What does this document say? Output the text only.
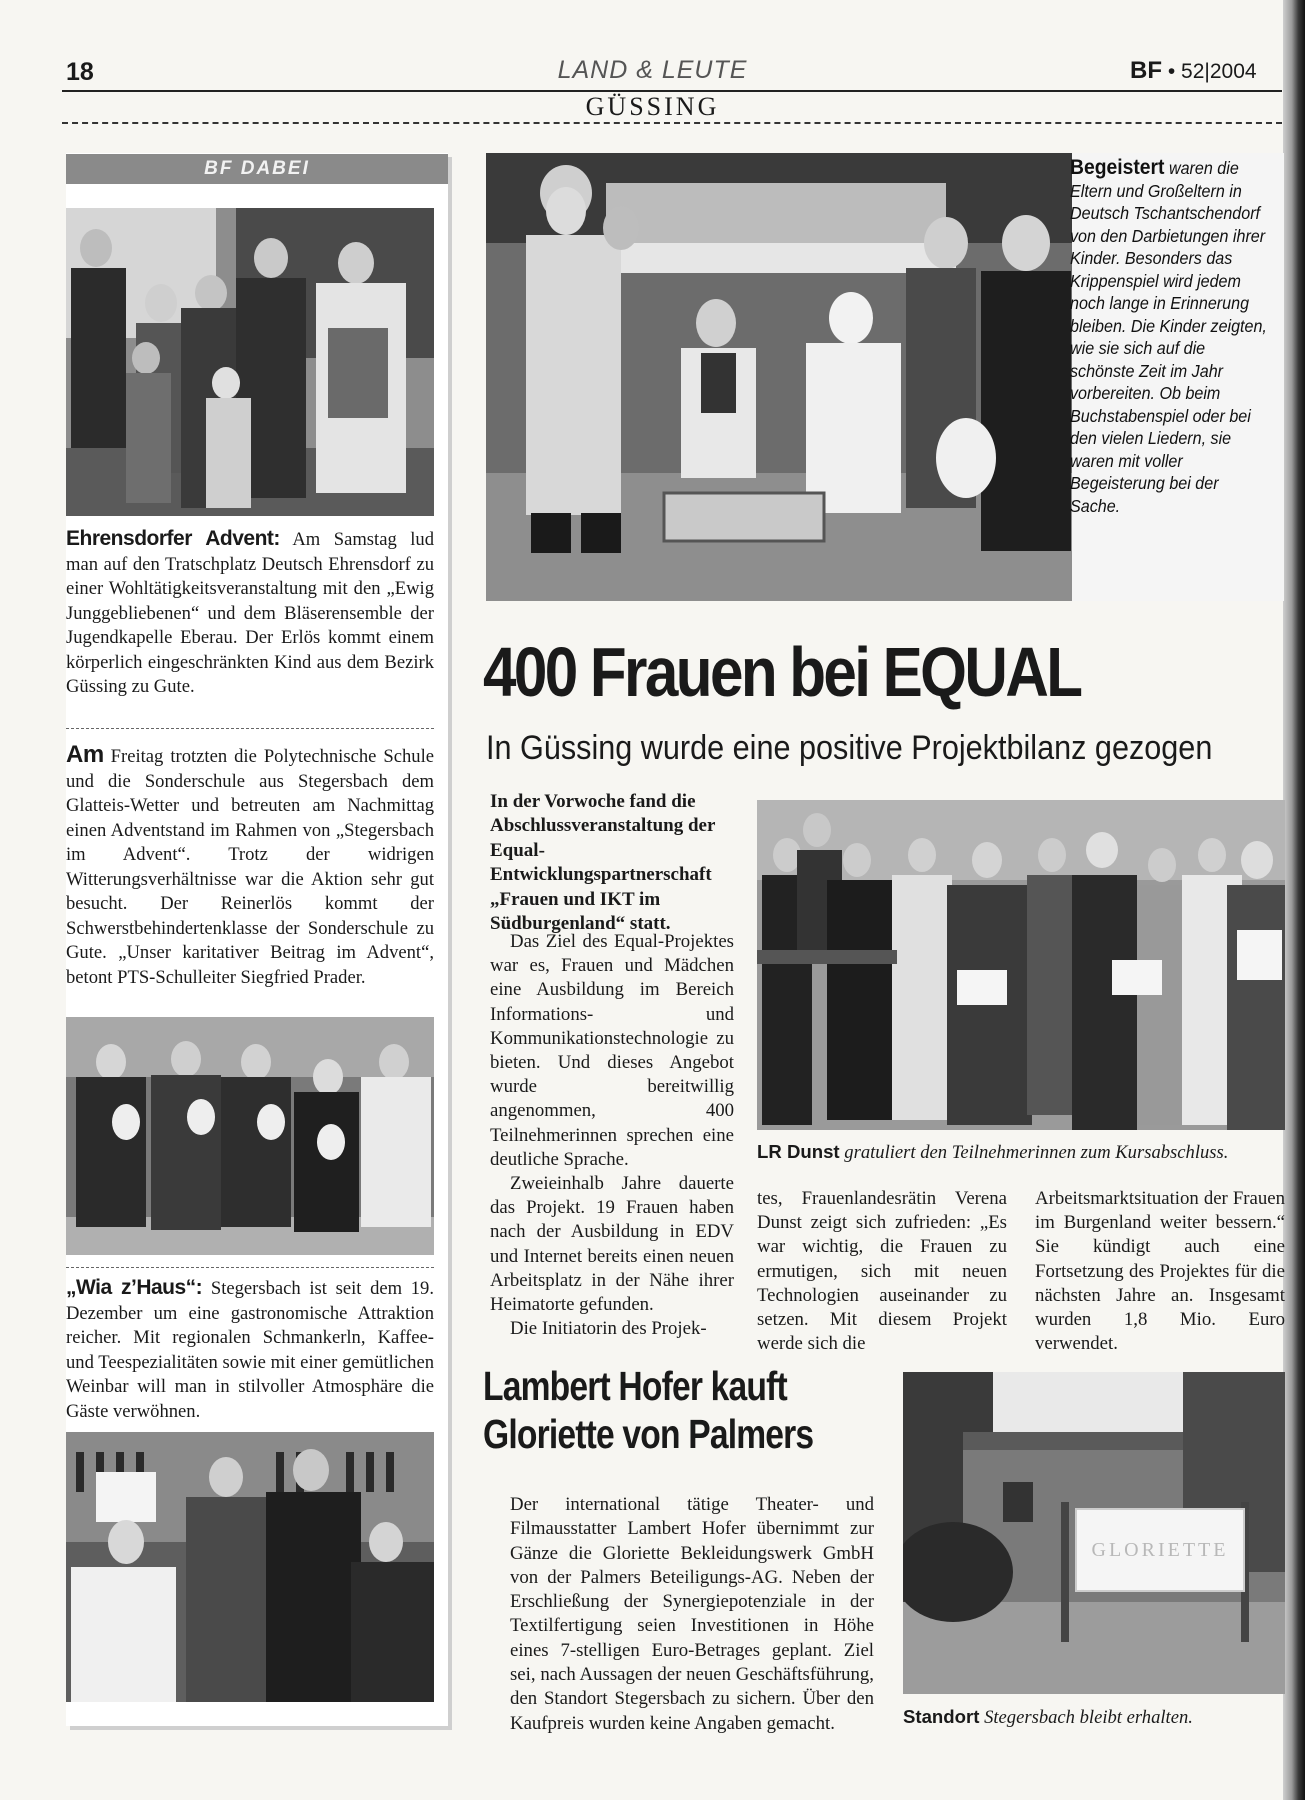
18	LAND & LEUTE	BF • 52|2004
GÜSSING
BF DABEI
Ehrensdorfer Advent: Am Samstag lud man auf den Tratschplatz Deutsch Ehrensdorf zu einer Wohltätigkeitsveranstaltung mit den „Ewig Junggebliebenen“ und dem Bläserensemble der Jugendkapelle Eberau. Der Erlös kommt einem körperlich eingeschränkten Kind aus dem Bezirk Güssing zu Gute.
Am Freitag trotzten die Polytechnische Schule und die Sonderschule aus Stegersbach dem Glatteis-Wetter und betreuten am Nachmittag einen Adventstand im Rahmen von „Stegersbach im Advent“. Trotz der widrigen Witterungsverhältnisse war die Aktion sehr gut besucht. Der Reinerlös kommt der Schwerstbehindertenklasse der Sonderschule zu Gute. „Unser karitativer Beitrag im Advent“, betont PTS-Schulleiter Siegfried Prader.
„Wia z’Haus“: Stegersbach ist seit dem 19. Dezember um eine gastronomische Attraktion reicher. Mit regionalen Schmankerln, Kaffee- und Teespezialitäten sowie mit einer gemütlichen Weinbar will man in stilvoller Atmosphäre die Gäste verwöhnen.
Begeistert waren die Eltern und Großeltern in Deutsch Tschantschendorf von den Darbietungen ihrer Kinder. Besonders das Krippenspiel wird jedem noch lange in Erinnerung bleiben. Die Kinder zeigten, wie sie sich auf die schönste Zeit im Jahr vorbereiten. Ob beim Buchstabenspiel oder bei den vielen Liedern, sie waren mit voller Begeisterung bei der Sache.
400 Frauen bei EQUAL
In Güssing wurde eine positive Projektbilanz gezogen
In der Vorwoche fand die Abschlussveranstaltung der Equal-Entwicklungspartnerschaft „Frauen und IKT im Südburgenland“ statt.
LR Dunst gratuliert den Teilnehmerinnen zum Kursabschluss.

Das Ziel des Equal-Projektes war es, Frauen und Mädchen eine Ausbildung im Bereich Informations- und Kommunikationstechnologie zu bieten. Und dieses Angebot wurde bereitwillig angenommen, 400 Teilnehmerinnen sprechen eine deutliche Sprache.

Zweieinhalb Jahre dauerte das Projekt. 19 Frauen haben nach der Ausbildung in EDV und Internet bereits einen neuen Arbeitsplatz in der Nähe ihrer Heimatorte gefunden.

Die Initiatorin des Projek-

tes, Frauenlandesrätin Verena Dunst zeigt sich zufrieden: „Es war wichtig, die Frauen zu ermutigen, sich mit neuen Technologien auseinander zu setzen. Mit diesem Projekt werde sich die
Arbeitsmarktsituation der Frauen im Burgenland weiter bessern.“ Sie kündigt auch eine Fortsetzung des Projektes für die nächsten Jahre an. Insgesamt wurden 1,8 Mio. Euro verwendet.
Lambert Hofer kauft
Gloriette von Palmers
Der international tätige Theater- und Filmausstatter Lambert Hofer übernimmt zur Gänze die Gloriette Bekleidungswerk GmbH von der Palmers Beteiligungs-AG. Neben der Erschließung der Synergiepotenziale in der Textilfertigung seien Investitionen in Höhe eines 7-stelligen Euro-Betrages geplant. Ziel sei, nach Aussagen der neuen Geschäftsführung, den Standort Stegersbach zu sichern. Über den Kaufpreis wurden keine Angaben gemacht.
GLORIETTE
Standort Stegersbach bleibt erhalten.
